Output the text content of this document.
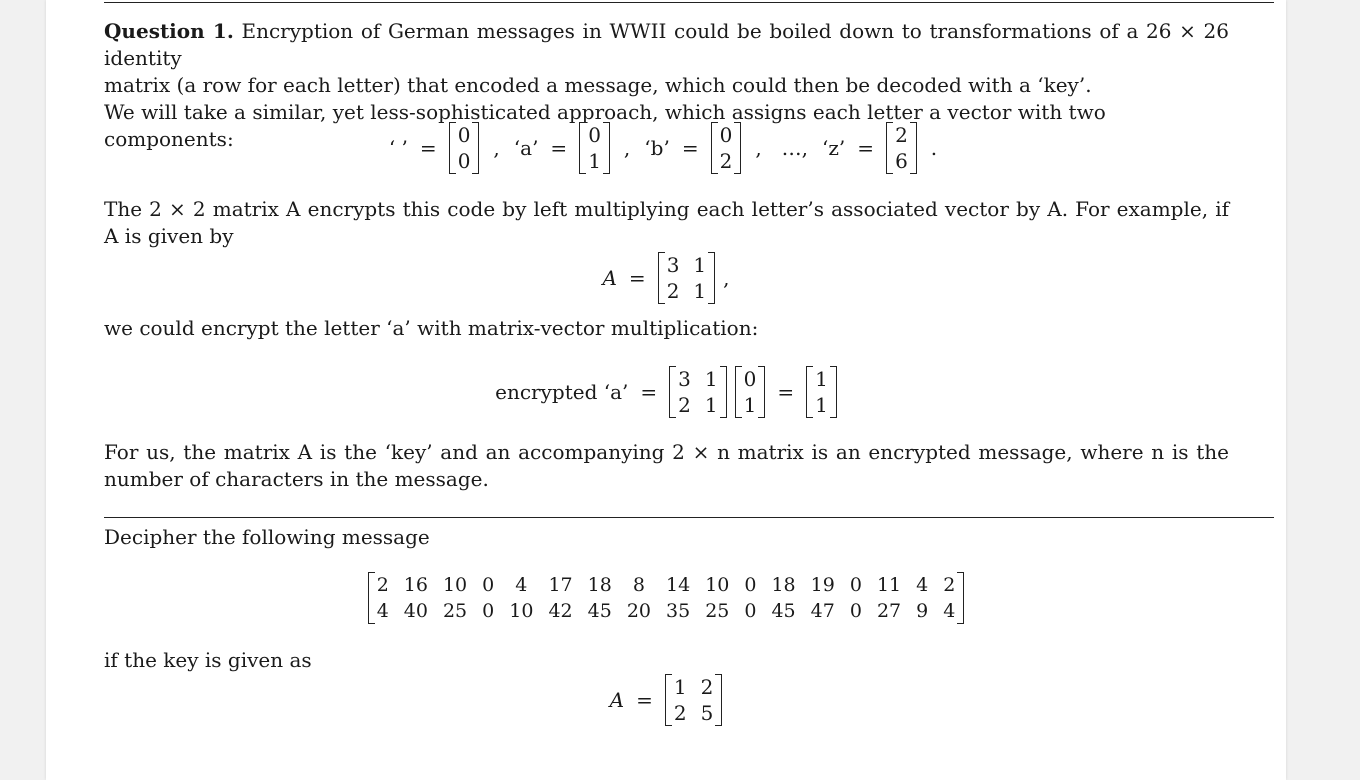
Question 1. Encryption of German messages in WWII could be boiled down to transformations of a 26 × 26 identity
matrix (a row for each letter) that encoded a message, which could then be decoded with a ‘key’.
We will take a similar, yet less-sophisticated approach, which assigns each letter a vector with two components:	‘ ’ =
0
0
, ‘a’ =
0
1
, ‘b’ =
0
2
, …, ‘z’ =
2
6
.
The 2 × 2 matrix A encrypts this code by left multiplying each letter’s associated vector by A. For example, if A is given by
A =
3 1
2 1
,
we could encrypt the letter ‘a’ with matrix-vector multiplication:
encrypted ‘a’ =
3 1
2 1
0
1
=
1
1
For us, the matrix A is the ‘key’ and an accompanying 2 × n matrix is an encrypted message, where n is the number of characters in the message.
Decipher the following message
2 16 10 0	4	17 18	8	14 10 0 18 19 0 11 4 2
4 40 25 0 10 42 45 20 35 25 0 45 47 0 27 9 4
if the key is given as
A =
1 2
2 5
